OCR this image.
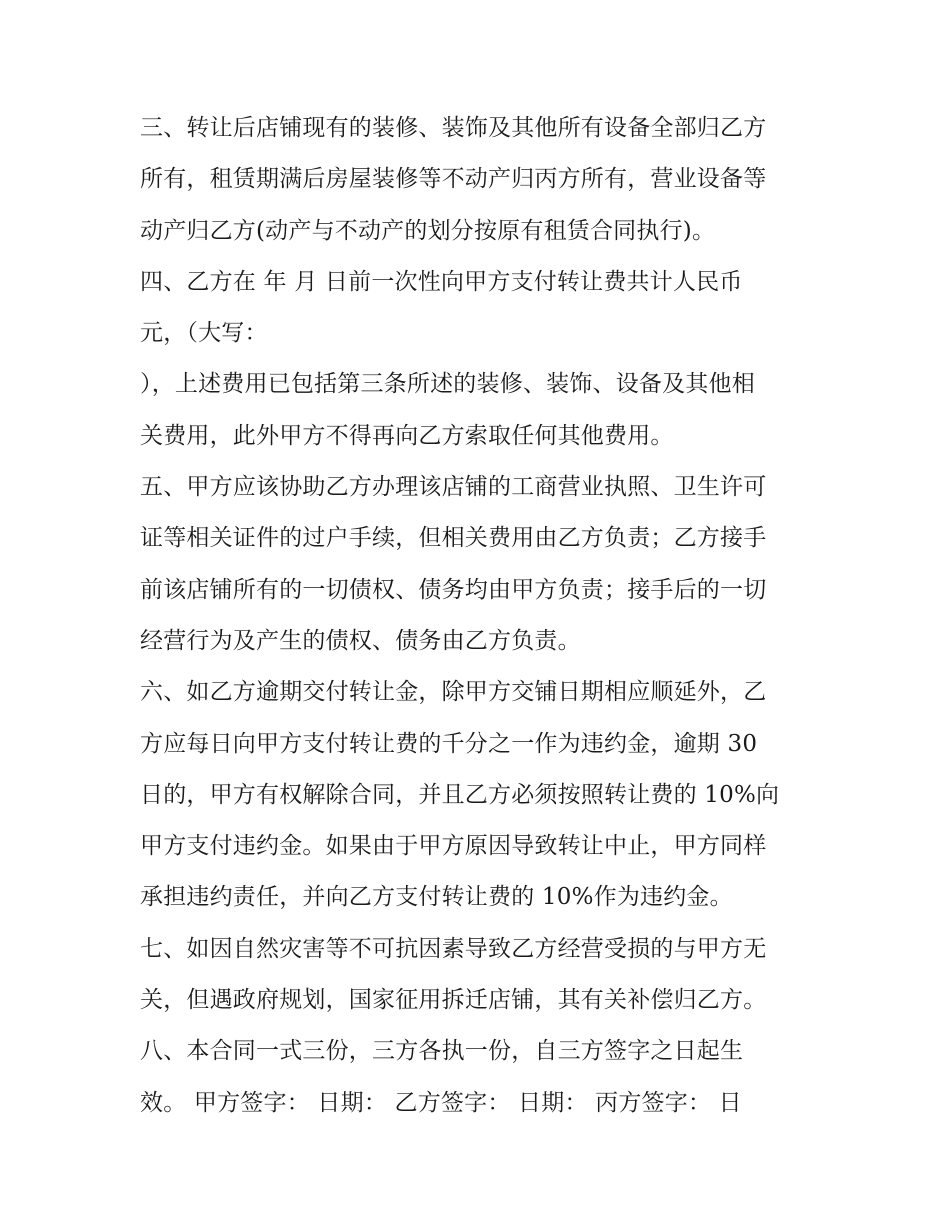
三、转让后店铺现有的装修、装饰及其他所有设备全部归乙方
所有，租赁期满后房屋装修等不动产归丙方所有，营业设备等
动产归乙方(动产与不动产的划分按原有租赁合同执行)。
四、乙方在 年 月 日前一次性向甲方支付转让费共计人民币
元，（大写：
），上述费用已包括第三条所述的装修、装饰、设备及其他相
关费用，此外甲方不得再向乙方索取任何其他费用。
五、甲方应该协助乙方办理该店铺的工商营业执照、卫生许可
证等相关证件的过户手续，但相关费用由乙方负责；乙方接手
前该店铺所有的一切债权、债务均由甲方负责；接手后的一切
经营行为及产生的债权、债务由乙方负责。
六、如乙方逾期交付转让金，除甲方交铺日期相应顺延外，乙
方应每日向甲方支付转让费的千分之一作为违约金，逾期 30
日的，甲方有权解除合同，并且乙方必须按照转让费的 10%向
甲方支付违约金。如果由于甲方原因导致转让中止，甲方同样
承担违约责任，并向乙方支付转让费的 10%作为违约金。
七、如因自然灾害等不可抗因素导致乙方经营受损的与甲方无
关，但遇政府规划，国家征用拆迁店铺，其有关补偿归乙方。
八、本合同一式三份，三方各执一份，自三方签字之日起生
效。 甲方签字： 日期： 乙方签字： 日期： 丙方签字： 日
